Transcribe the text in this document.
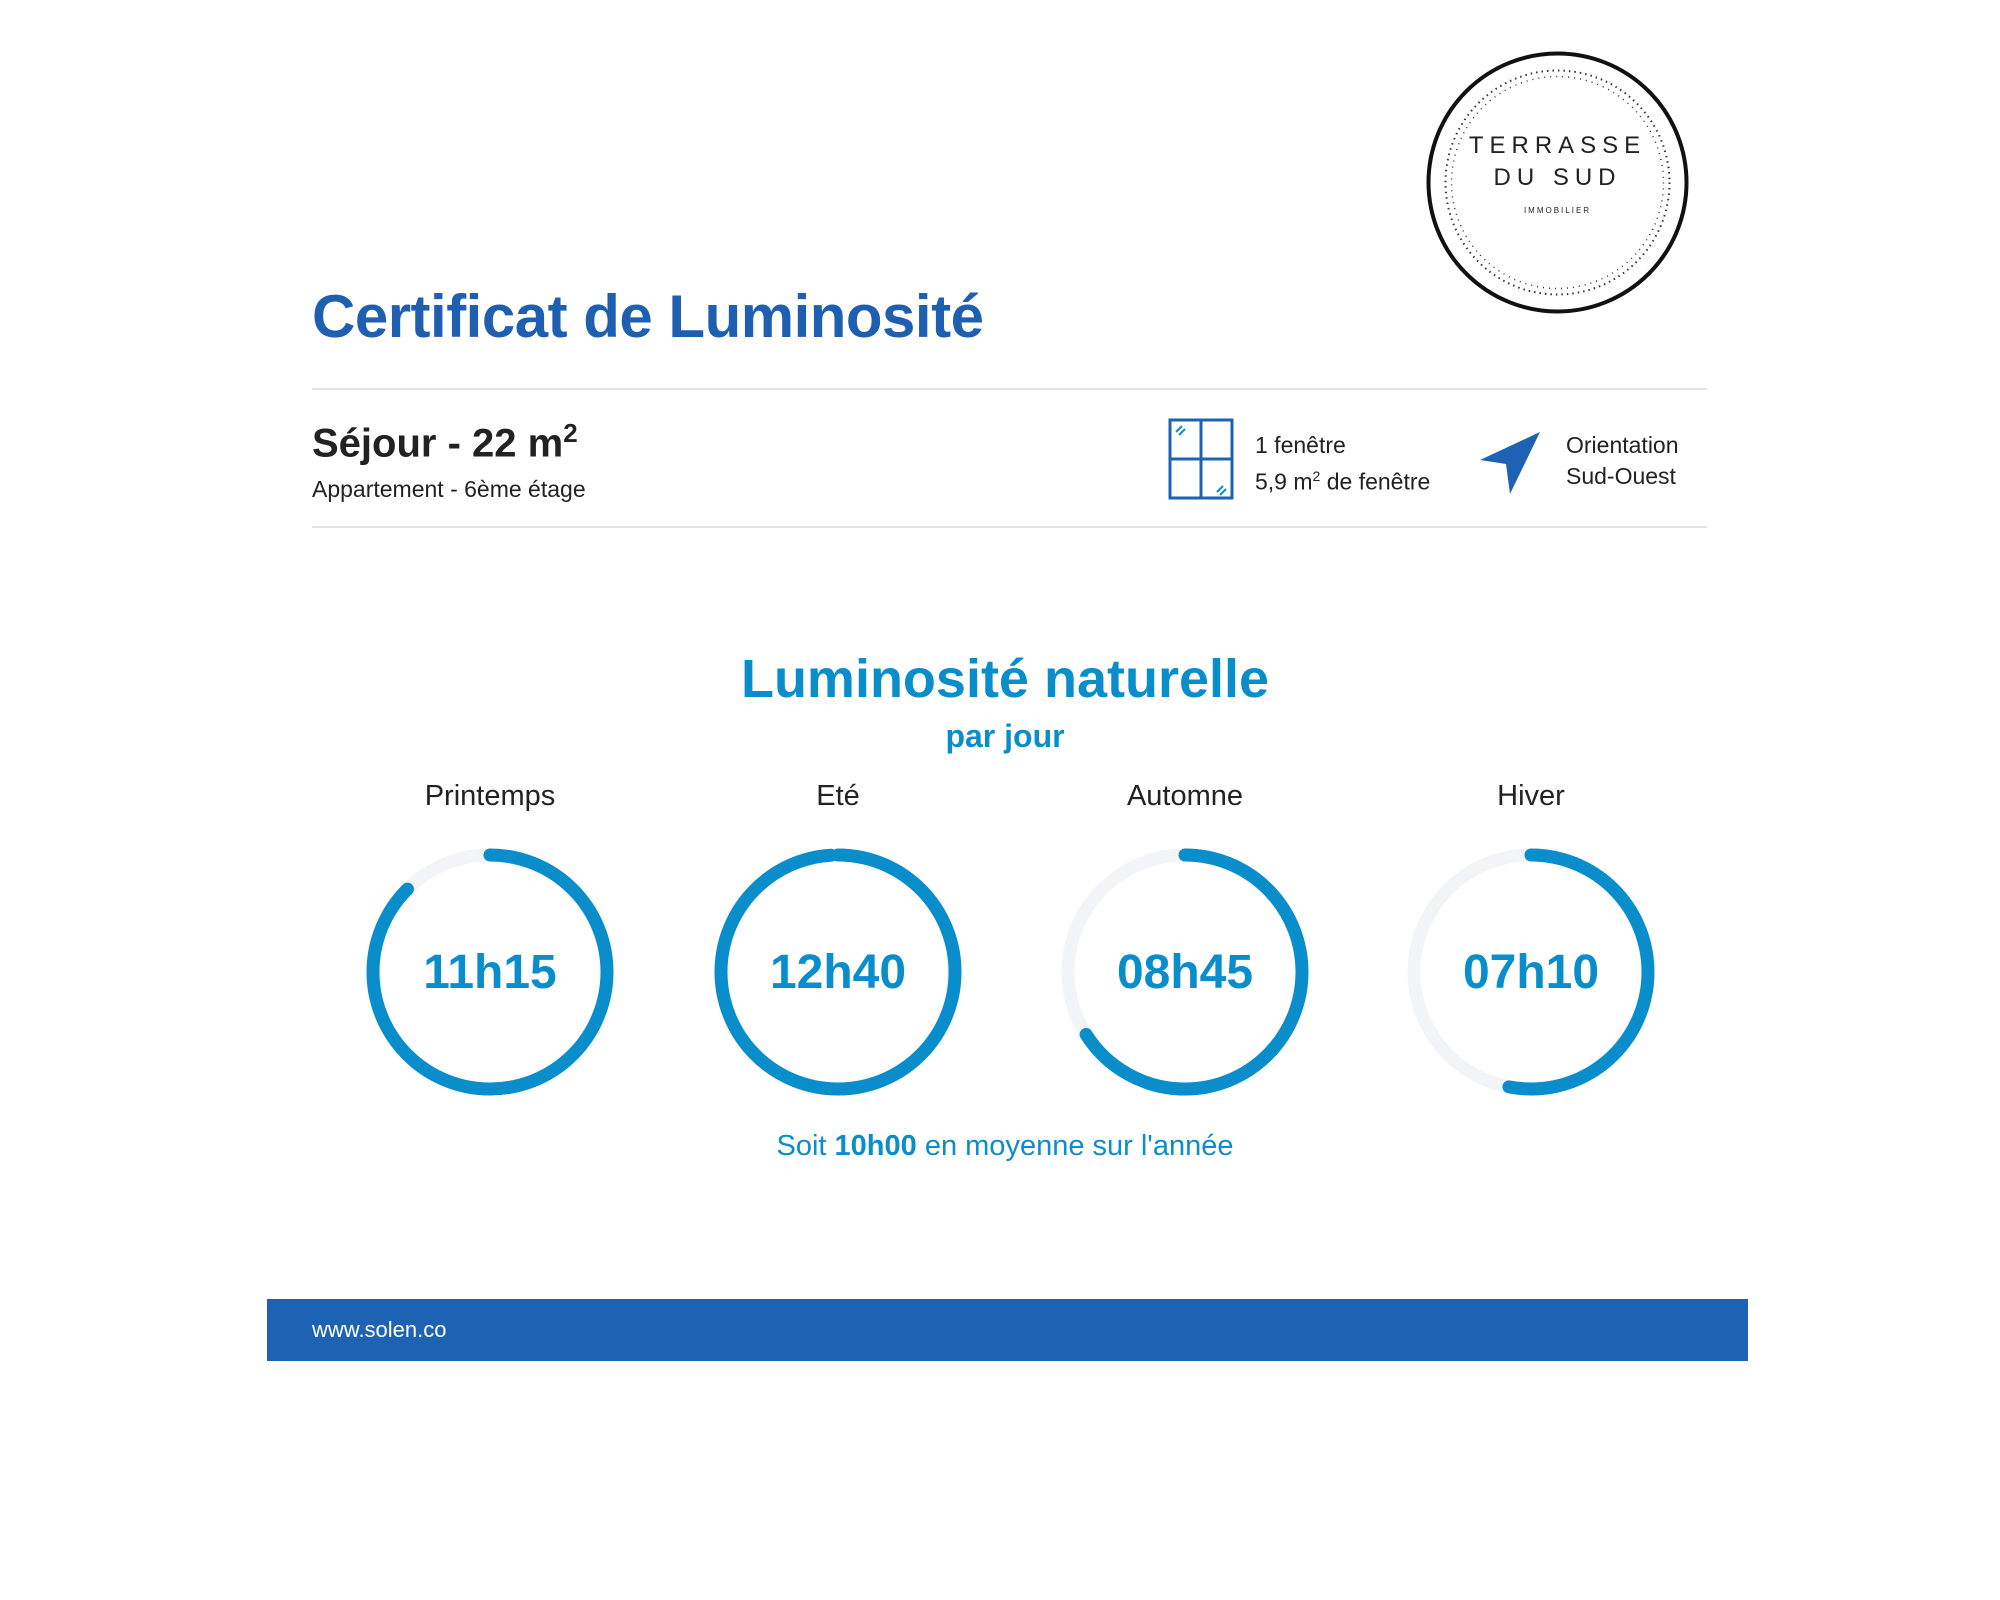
TERRASSE
DU SUD
IMMOBILIER
Certificat de Luminosité
Séjour - 22 $m^2$
Appartement - 6ème étage
1 fenêtre
5,9 $m^2$ de fenêtre
Orientation
Sud-Ouest
Luminosité naturelle
par jour
Printemps
11h15
Eté
12h40
Automne
08h45
Hiver
07h10
Soit 10h00 en moyenne sur l'année
www.solen.co
